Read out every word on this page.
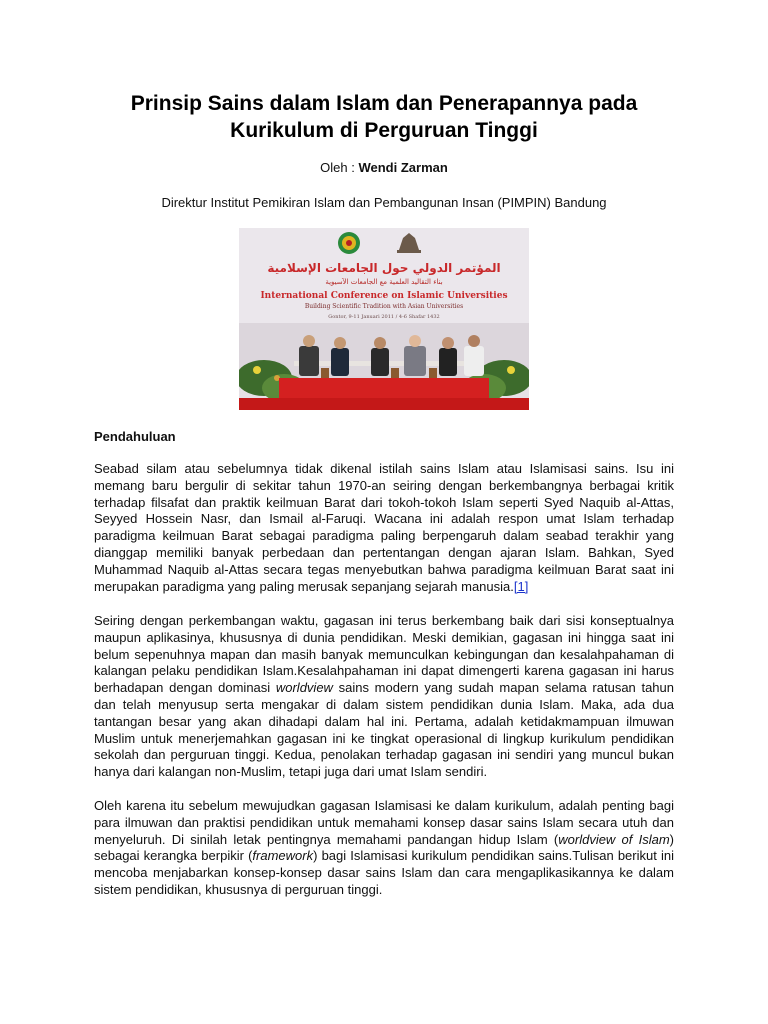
Prinsip Sains dalam Islam dan Penerapannya pada
Kurikulum di Perguruan Tinggi
Oleh : Wendi Zarman
Direktur Institut Pemikiran Islam dan Pembangunan Insan (PIMPIN) Bandung
المؤتمر الدولي حول الجامعات الإسلامية
بناء التقاليد العلمية مع الجامعات الآسيوية
International Conference on Islamic Universities
Building Scientific Tradition with Asian Universities
Gontor, 9-11 Januari 2011 / 4-6 Shafar 1432
Pendahuluan

Seabad silam atau sebelumnya tidak dikenal istilah sains Islam atau Islamisasi sains. Isu ini memang baru bergulir di sekitar tahun 1970-an seiring dengan berkembangnya berbagai kritik terhadap filsafat dan praktik keilmuan Barat dari tokoh-tokoh Islam seperti Syed Naquib al-Attas, Seyyed Hossein Nasr, dan Ismail al-Faruqi. Wacana ini adalah respon umat Islam terhadap paradigma keilmuan Barat sebagai paradigma paling berpengaruh dalam seabad terakhir yang dianggap memiliki banyak perbedaan dan pertentangan dengan ajaran Islam. Bahkan, Syed Muhammad Naquib al-Attas secara tegas menyebutkan bahwa paradigma keilmuan Barat saat ini merupakan paradigma yang paling merusak sepanjang sejarah manusia.[1]

Seiring dengan perkembangan waktu, gagasan ini terus berkembang baik dari sisi konseptualnya maupun aplikasinya, khususnya di dunia pendidikan. Meski demikian, gagasan ini hingga saat ini belum sepenuhnya mapan dan masih banyak memunculkan kebingungan dan kesalahpahaman di kalangan pelaku pendidikan Islam.Kesalahpahaman ini dapat dimengerti karena gagasan ini harus berhadapan dengan dominasi worldview sains modern yang sudah mapan selama ratusan tahun dan telah menyusup serta mengakar di dalam sistem pendidikan dunia Islam. Maka, ada dua tantangan besar yang akan dihadapi dalam hal ini. Pertama, adalah ketidakmampuan ilmuwan Muslim untuk menerjemahkan gagasan ini ke tingkat operasional di lingkup kurikulum pendidikan sekolah dan perguruan tinggi. Kedua, penolakan terhadap gagasan ini sendiri yang muncul bukan hanya dari kalangan non-Muslim, tetapi juga dari umat Islam sendiri.

Oleh karena itu sebelum mewujudkan gagasan Islamisasi ke dalam kurikulum, adalah penting bagi para ilmuwan dan praktisi pendidikan untuk memahami konsep dasar sains Islam secara utuh dan menyeluruh. Di sinilah letak pentingnya memahami pandangan hidup Islam (worldview of Islam) sebagai kerangka berpikir (framework) bagi Islamisasi kurikulum pendidikan sains.Tulisan berikut ini mencoba menjabarkan konsep-konsep dasar sains Islam dan cara mengaplikasikannya ke dalam sistem pendidikan, khususnya di perguruan tinggi.
